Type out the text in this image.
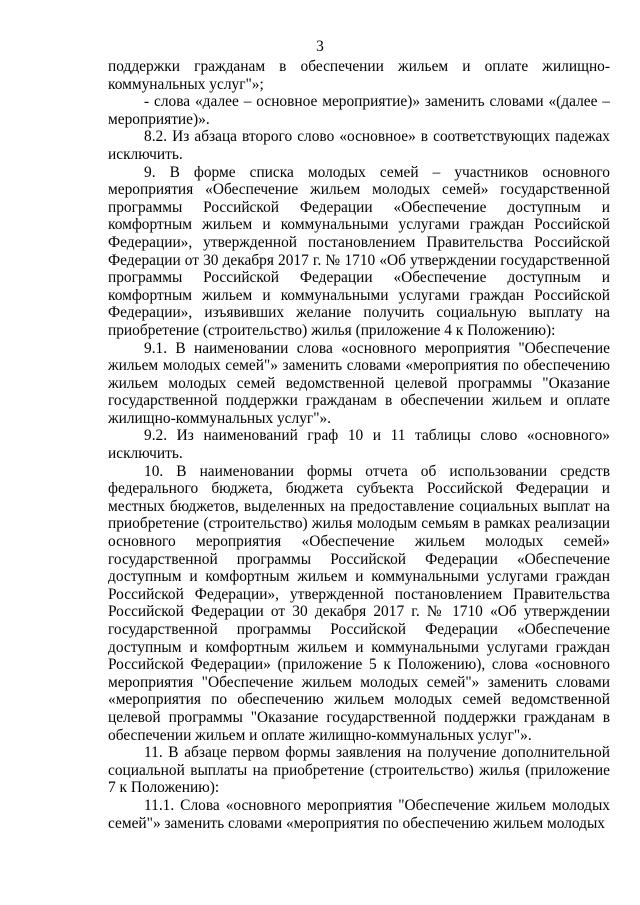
3

поддержки гражданам в обеспечении жильем и оплате жилищно-коммунальных услуг"»;

- слова «далее – основное мероприятие)» заменить словами «(далее – мероприятие)».

8.2. Из абзаца второго слово «основное» в соответствующих падежах исключить.

9. В форме списка молодых семей – участников основного мероприятия «Обеспечение жильем молодых семей» государственной программы Российской Федерации «Обеспечение доступным и комфортным жильем и коммунальными услугами граждан Российской Федерации», утвержденной постановлением Правительства Российской Федерации от 30 декабря 2017 г. № 1710 «Об утверждении государственной программы Российской Федерации «Обеспечение доступным и комфортным жильем и коммунальными услугами граждан Российской Федерации», изъявивших желание получить социальную выплату на приобретение (строительство) жилья (приложение 4 к Положению):

9.1. В наименовании слова «основного мероприятия "Обеспечение жильем молодых семей"» заменить словами «мероприятия по обеспечению жильем молодых семей ведомственной целевой программы "Оказание государственной поддержки гражданам в обеспечении жильем и оплате жилищно-коммунальных услуг"».

9.2. Из наименований граф 10 и 11 таблицы слово «основного» исключить.

10. В наименовании формы отчета об использовании средств федерального бюджета, бюджета субъекта Российской Федерации и местных бюджетов, выделенных на предоставление социальных выплат на приобретение (строительство) жилья молодым семьям в рамках реализации основного мероприятия «Обеспечение жильем молодых семей» государственной программы Российской Федерации «Обеспечение доступным и комфортным жильем и коммунальными услугами граждан Российской Федерации», утвержденной постановлением Правительства Российской Федерации от 30 декабря 2017 г. № 1710 «Об утверждении государственной программы Российской Федерации «Обеспечение доступным и комфортным жильем и коммунальными услугами граждан Российской Федерации» (приложение 5 к Положению), слова «основного мероприятия "Обеспечение жильем молодых семей"» заменить словами «мероприятия по обеспечению жильем молодых семей ведомственной целевой программы "Оказание государственной поддержки гражданам в обеспечении жильем и оплате жилищно-коммунальных услуг"».

11. В абзаце первом формы заявления на получение дополнительной социальной выплаты на приобретение (строительство) жилья (приложение 7 к Положению):

11.1. Слова «основного мероприятия "Обеспечение жильем молодых семей"» заменить словами «мероприятия по обеспечению жильем молодых
